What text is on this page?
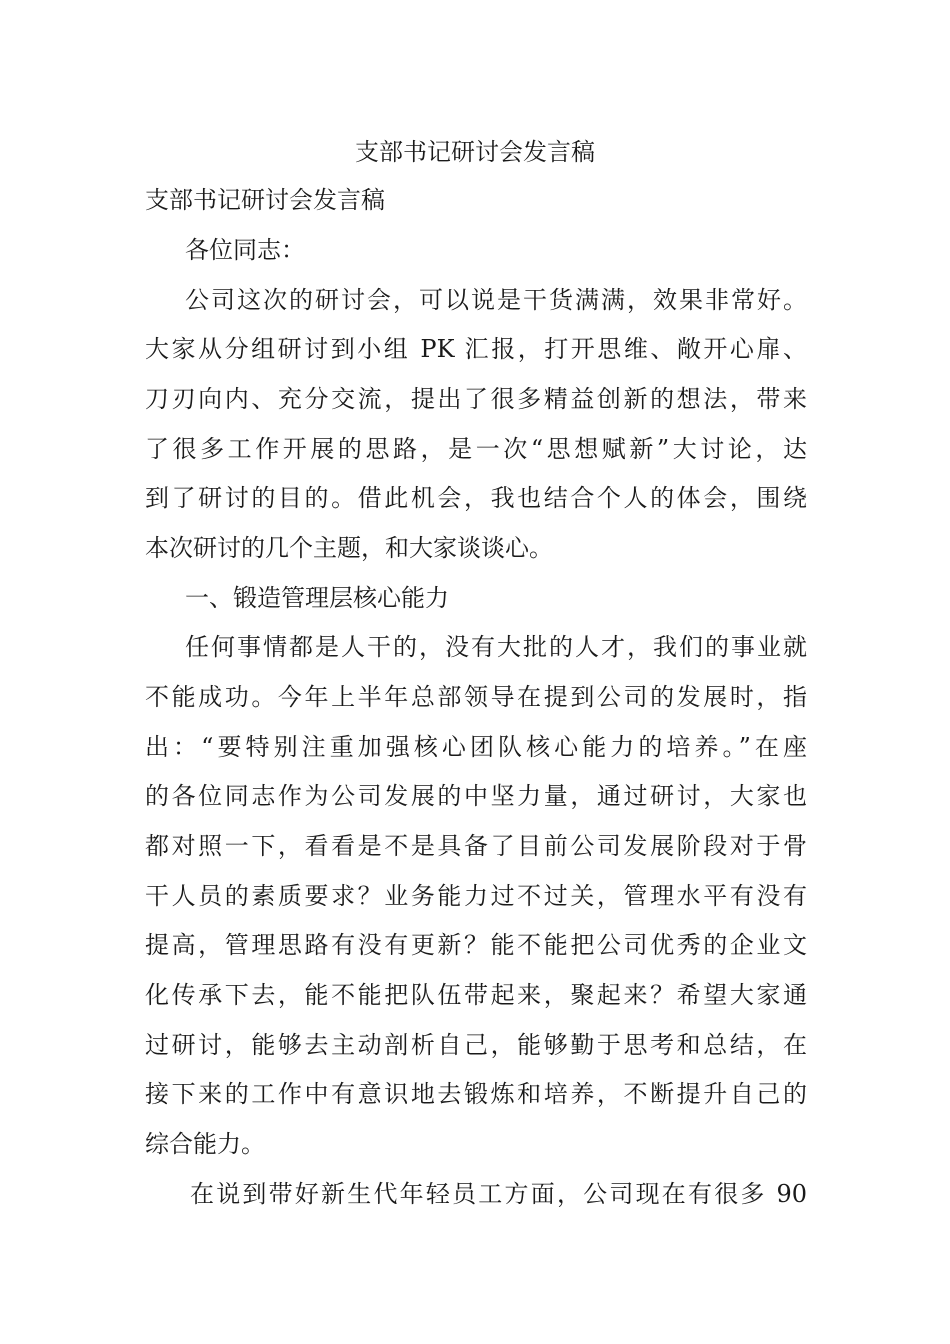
支部书记研讨会发言稿

支部书记研讨会发言稿

各位同志：

公司这次的研讨会，可以说是干货满满，效果非常好。

大家从分组研讨到小组 PK 汇报，打开思维、敞开心扉、

刀刃向内、充分交流，提出了很多精益创新的想法，带来

了很多工作开展的思路，是一次“思想赋新”大讨论，达

到了研讨的目的。借此机会，我也结合个人的体会，围绕

本次研讨的几个主题，和大家谈谈心。

一、锻造管理层核心能力

任何事情都是人干的，没有大批的人才，我们的事业就

不能成功。今年上半年总部领导在提到公司的发展时，指

出：“要特别注重加强核心团队核心能力的培养。”在座

的各位同志作为公司发展的中坚力量，通过研讨，大家也

都对照一下，看看是不是具备了目前公司发展阶段对于骨

干人员的素质要求？业务能力过不过关，管理水平有没有

提高，管理思路有没有更新？能不能把公司优秀的企业文

化传承下去，能不能把队伍带起来，聚起来？希望大家通

过研讨，能够去主动剖析自己，能够勤于思考和总结，在

接下来的工作中有意识地去锻炼和培养，不断提升自己的

综合能力。

在说到带好新生代年轻员工方面，公司现在有很多 90
